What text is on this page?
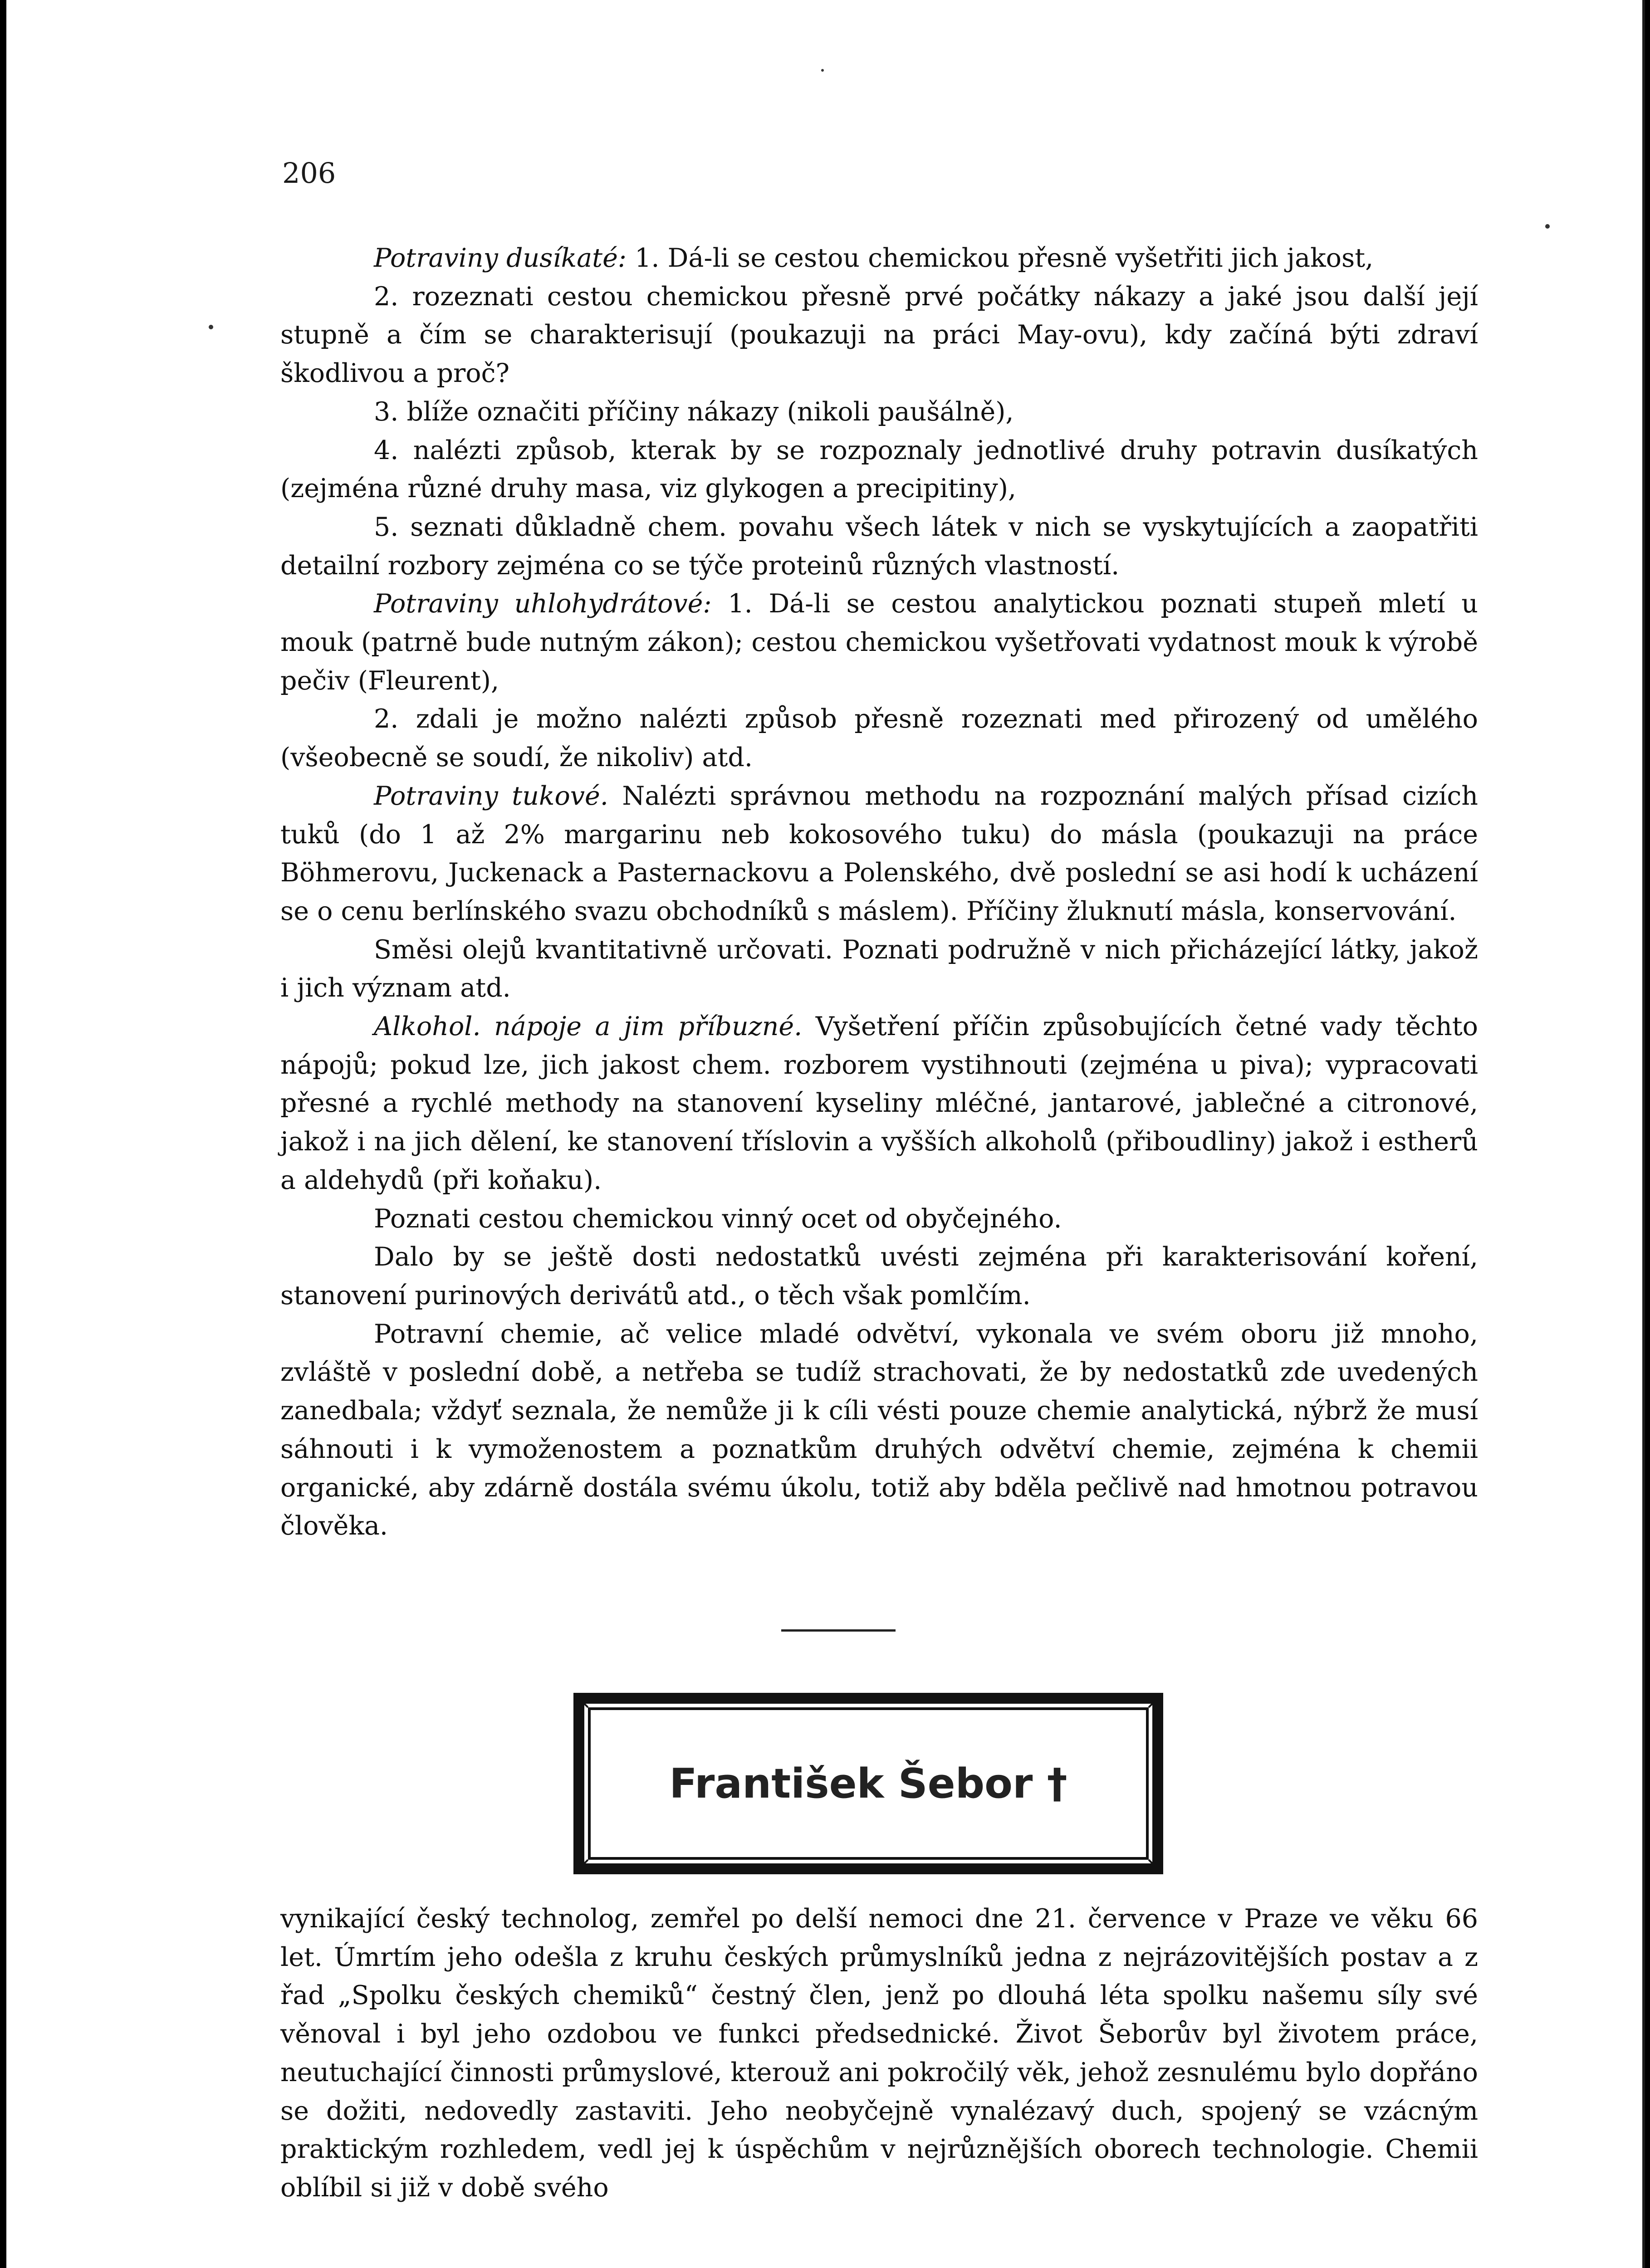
206

Potraviny dusíkaté: 1. Dá-li se cestou chemickou přesně vyšetřiti jich jakost,

2. rozeznati cestou chemickou přesně prvé počátky nákazy a jaké jsou další její stupně a čím se charakterisují (poukazuji na práci May-ovu), kdy začíná býti zdraví škodlivou a proč?

3. blíže označiti příčiny nákazy (nikoli paušálně),

4. nalézti způsob, kterak by se rozpoznaly jednotlivé druhy potravin dusíkatých (zejména různé druhy masa, viz glykogen a precipitiny),

5. seznati důkladně chem. povahu všech látek v nich se vyskytujících a zaopatřiti detailní rozbory zejména co se týče proteinů různých vlastností.

Potraviny uhlohydrátové: 1. Dá-li se cestou analytickou poznati stupeň mletí u mouk (patrně bude nutným zákon); cestou chemickou vyšetřovati vydatnost mouk k výrobě pečiv (Fleurent),

2. zdali je možno nalézti způsob přesně rozeznati med přirozený od umělého (všeobecně se soudí, že nikoliv) atd.

Potraviny tukové. Nalézti správnou methodu na rozpoznání malých přísad cizích tuků (do 1 až 2% margarinu neb kokosového tuku) do másla (poukazuji na práce Böhmerovu, Juckenack a Pasternackovu a Polenského, dvě poslední se asi hodí k ucházení se o cenu berlínského svazu obchodníků s máslem). Příčiny žluknutí másla, konservování.

Směsi olejů kvantitativně určovati. Poznati podružně v nich přicházející látky, jakož i jich význam atd.

Alkohol. nápoje a jim příbuzné. Vyšetření příčin způsobujících četné vady těchto nápojů; pokud lze, jich jakost chem. rozborem vystihnouti (zejména u piva); vypracovati přesné a rychlé methody na stanovení kyseliny mléčné, jantarové, jablečné a citronové, jakož i na jich dělení, ke stanovení tříslovin a vyšších alkoholů (přiboudliny) jakož i estherů a aldehydů (při koňaku).

Poznati cestou chemickou vinný ocet od obyčejného.

Dalo by se ještě dosti nedostatků uvésti zejména při karakterisování koření, stanovení purinových derivátů atd., o těch však pomlčím.

Potravní chemie, ač velice mladé odvětví, vykonala ve svém oboru již mnoho, zvláště v poslední době, a netřeba se tudíž strachovati, že by nedostatků zde uvedených zanedbala; vždyť seznala, že nemůže ji k cíli vésti pouze chemie analytická, nýbrž že musí sáhnouti i k vymoženostem a poznatkům druhých odvětví chemie, zejména k chemii organické, aby zdárně dostála svému úkolu, totiž aby bděla pečlivě nad hmotnou potravou člověka.

František Šebor †

vynikající český technolog, zemřel po delší nemoci dne 21. července v Praze ve věku 66 let. Úmrtím jeho odešla z kruhu českých průmyslníků jedna z nejrázovitějších postav a z řad „Spolku českých chemiků“ čestný člen, jenž po dlouhá léta spolku našemu síly své věnoval i byl jeho ozdobou ve funkci předsednické. Život Šeborův byl životem práce, neutuchající činnosti průmyslové, kterouž ani pokročilý věk, jehož zesnulému bylo dopřáno se dožiti, nedovedly zastaviti. Jeho neobyčejně vynalézavý duch, spojený se vzácným praktickým rozhledem, vedl jej k úspěchům v nejrůznějších oborech technologie. Chemii oblíbil si již v době svého
